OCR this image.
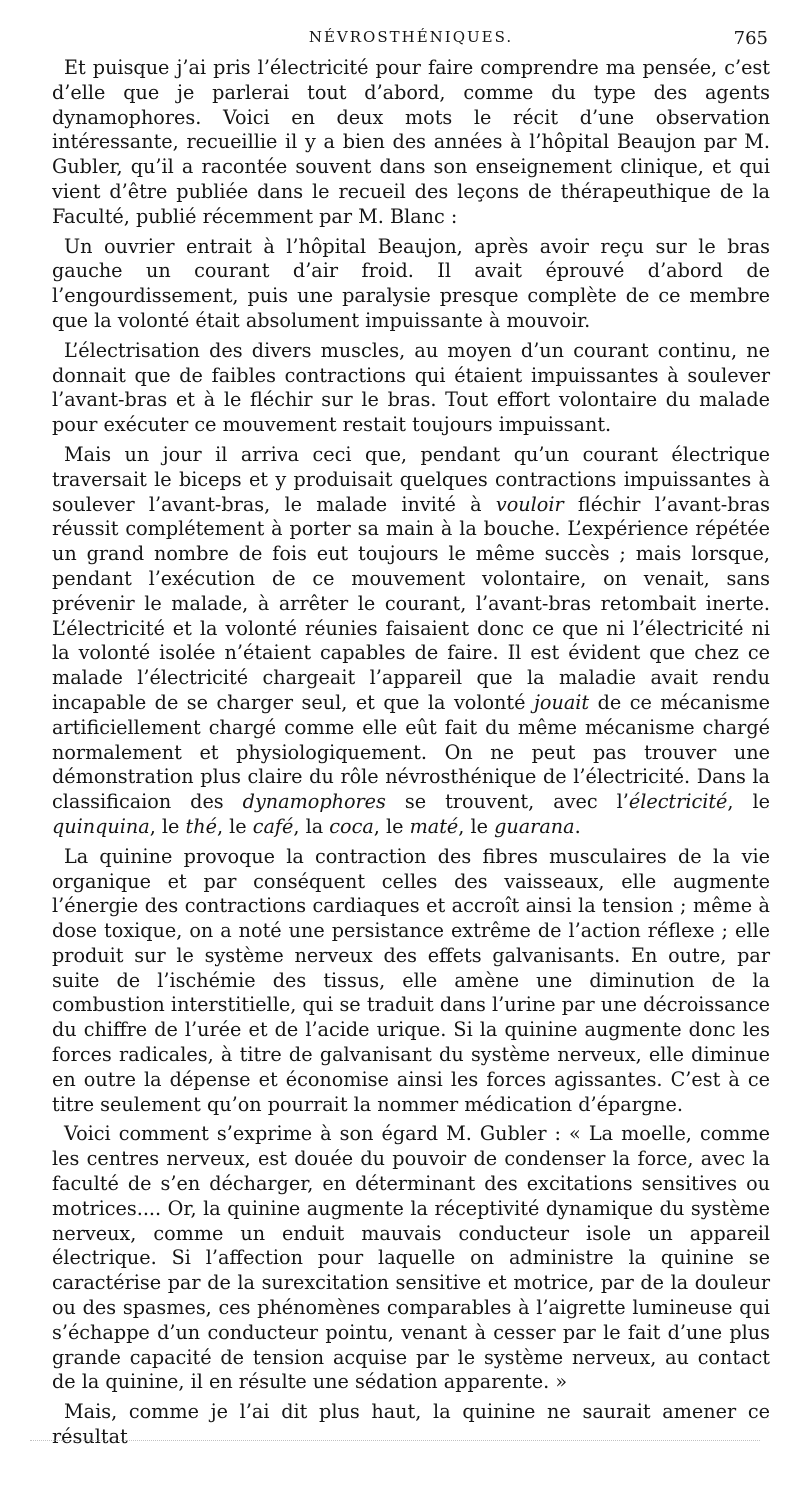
NÉVROSTHÉNIQUES.	765

Et puisque j’ai pris l’électricité pour faire comprendre ma pensée, c’est d’elle que je parlerai tout d’abord, comme du type des agents dynamophores. Voici en deux mots le récit d’une observation intéressante, recueillie il y a bien des années à l’hôpital Beaujon par M. Gubler, qu’il a racontée souvent dans son enseignement clinique, et qui vient d’être publiée dans le recueil des leçons de thérapeuthique de la Faculté, publié récemment par M. Blanc :

Un ouvrier entrait à l’hôpital Beaujon, après avoir reçu sur le bras gauche un courant d’air froid. Il avait éprouvé d’abord de l’engourdissement, puis une paralysie presque complète de ce membre que la volonté était absolument impuissante à mouvoir.

L’électrisation des divers muscles, au moyen d’un courant continu, ne donnait que de faibles contractions qui étaient impuissantes à soulever l’avant-bras et à le fléchir sur le bras. Tout effort volontaire du malade pour exécuter ce mouvement restait toujours impuissant.

Mais un jour il arriva ceci que, pendant qu’un courant électrique traversait le biceps et y produisait quelques contractions impuissantes à soulever l’avant-bras, le malade invité à vouloir fléchir l’avant-bras réussit complétement à porter sa main à la bouche. L’expérience répétée un grand nombre de fois eut toujours le même succès ; mais lorsque, pendant l’exécution de ce mouvement volontaire, on venait, sans prévenir le malade, à arrêter le courant, l’avant-bras retombait inerte. L’électricité et la volonté réunies faisaient donc ce que ni l’électricité ni la volonté isolée n’étaient capables de faire. Il est évident que chez ce malade l’électricité chargeait l’appareil que la maladie avait rendu incapable de se charger seul, et que la volonté jouait de ce mécanisme artificiellement chargé comme elle eût fait du même mécanisme chargé normalement et physiologiquement. On ne peut pas trouver une démonstration plus claire du rôle névrosthénique de l’électricité. Dans la classificaion des dynamophores se trouvent, avec l’électricité, le quinquina, le thé, le café, la coca, le maté, le guarana.

La quinine provoque la contraction des fibres musculaires de la vie organique et par conséquent celles des vaisseaux, elle augmente l’énergie des contractions cardiaques et accroît ainsi la tension ; même à dose toxique, on a noté une persistance extrême de l’action réflexe ; elle produit sur le système nerveux des effets galvanisants. En outre, par suite de l’ischémie des tissus, elle amène une diminution de la combustion interstitielle, qui se traduit dans l’urine par une décroissance du chiffre de l’urée et de l’acide urique. Si la quinine augmente donc les forces radicales, à titre de galvanisant du système nerveux, elle diminue en outre la dépense et économise ainsi les forces agissantes. C’est à ce titre seulement qu’on pourrait la nommer médication d’épargne.

Voici comment s’exprime à son égard M. Gubler : « La moelle, comme les centres nerveux, est douée du pouvoir de condenser la force, avec la faculté de s’en décharger, en déterminant des excitations sensitives ou motrices.... Or, la quinine augmente la réceptivité dynamique du système nerveux, comme un enduit mauvais conducteur isole un appareil électrique. Si l’affection pour laquelle on administre la quinine se caractérise par de la surexcitation sensitive et motrice, par de la douleur ou des spasmes, ces phénomènes comparables à l’aigrette lumineuse qui s’échappe d’un conducteur pointu, venant à cesser par le fait d’une plus grande capacité de tension acquise par le système nerveux, au contact de la quinine, il en résulte une sédation apparente. »

Mais, comme je l’ai dit plus haut, la quinine ne saurait amener ce résultat
